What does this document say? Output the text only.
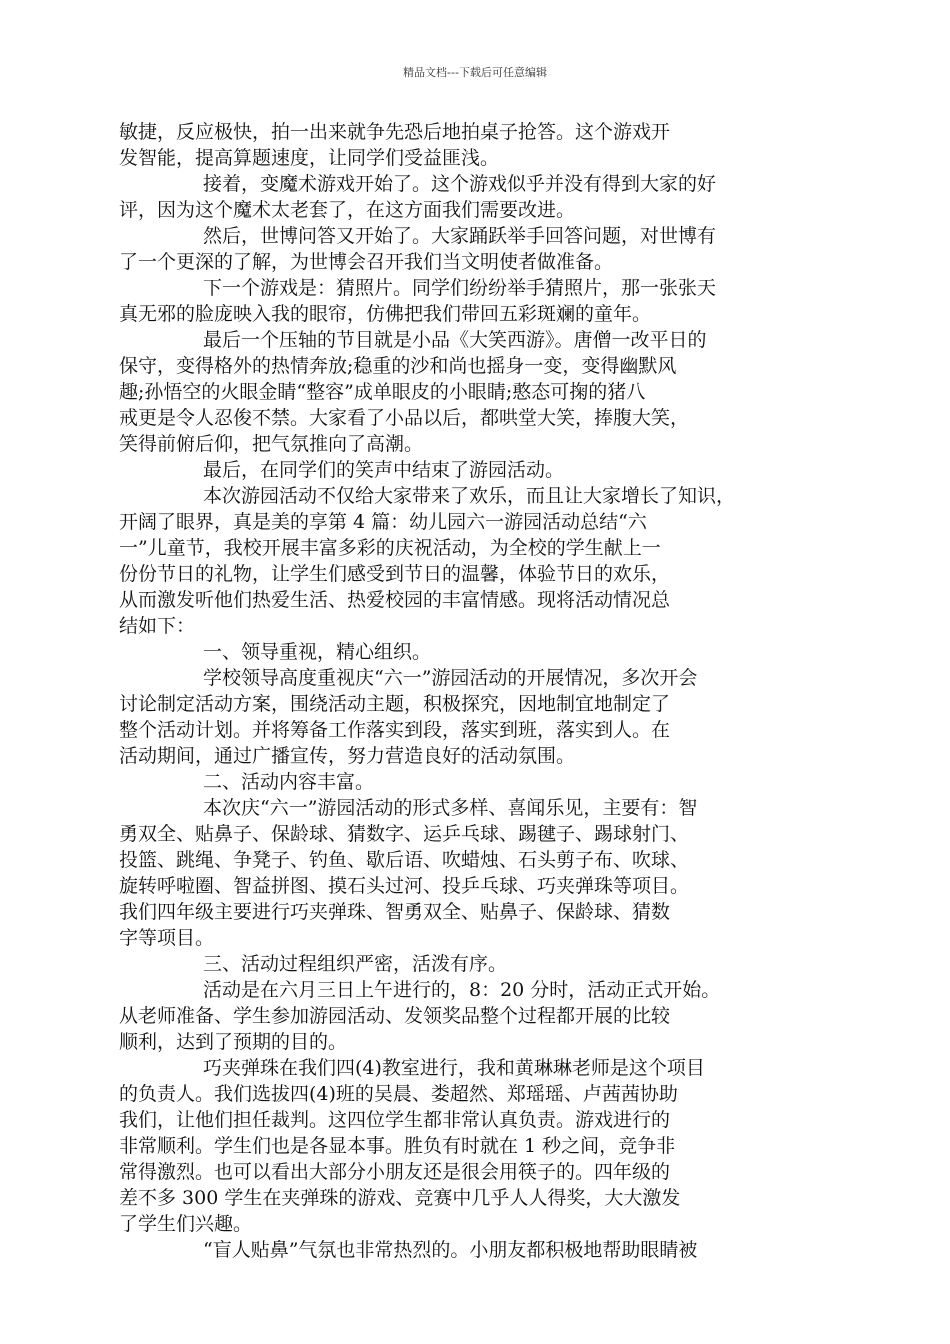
精品文档---下载后可任意编辑
敏捷，反应极快，拍一出来就争先恐后地拍桌子抢答。这个游戏开
发智能，提高算题速度，让同学们受益匪浅。
接着，变魔术游戏开始了。这个游戏似乎并没有得到大家的好
评，因为这个魔术太老套了，在这方面我们需要改进。
然后，世博问答又开始了。大家踊跃举手回答问题，对世博有
了一个更深的了解，为世博会召开我们当文明使者做准备。
下一个游戏是：猜照片。同学们纷纷举手猜照片，那一张张天
真无邪的脸庞映入我的眼帘，仿佛把我们带回五彩斑斓的童年。
最后一个压轴的节目就是小品《大笑西游》。唐僧一改平日的
保守，变得格外的热情奔放;稳重的沙和尚也摇身一变，变得幽默风
趣;孙悟空的火眼金睛“整容”成单眼皮的小眼睛;憨态可掬的猪八
戒更是令人忍俊不禁。大家看了小品以后，都哄堂大笑，捧腹大笑，
笑得前俯后仰，把气氛推向了高潮。
最后，在同学们的笑声中结束了游园活动。
本次游园活动不仅给大家带来了欢乐，而且让大家增长了知识，
开阔了眼界，真是美的享第 4 篇：幼儿园六一游园活动总结“六
一”儿童节，我校开展丰富多彩的庆祝活动，为全校的学生献上一
份份节日的礼物，让学生们感受到节日的温馨，体验节日的欢乐，
从而激发听他们热爱生活、热爱校园的丰富情感。现将活动情况总
结如下：
一、领导重视，精心组织。
学校领导高度重视庆“六一”游园活动的开展情况，多次开会
讨论制定活动方案，围绕活动主题，积极探究，因地制宜地制定了
整个活动计划。并将筹备工作落实到段，落实到班，落实到人。在
活动期间，通过广播宣传，努力营造良好的活动氛围。
二、活动内容丰富。
本次庆“六一”游园活动的形式多样、喜闻乐见，主要有：智
勇双全、贴鼻子、保龄球、猜数字、运乒乓球、踢毽子、踢球射门、
投篮、跳绳、争凳子、钓鱼、歇后语、吹蜡烛、石头剪子布、吹球、
旋转呼啦圈、智益拼图、摸石头过河、投乒乓球、巧夹弹珠等项目。
我们四年级主要进行巧夹弹珠、智勇双全、贴鼻子、保龄球、猜数
字等项目。
三、活动过程组织严密，活泼有序。
活动是在六月三日上午进行的，8：20 分时，活动正式开始。
从老师准备、学生参加游园活动、发领奖品整个过程都开展的比较
顺利，达到了预期的目的。
巧夹弹珠在我们四(4)教室进行，我和黄琳琳老师是这个项目
的负责人。我们选拔四(4)班的吴晨、娄超然、郑瑶瑶、卢茜茜协助
我们，让他们担任裁判。这四位学生都非常认真负责。游戏进行的
非常顺利。学生们也是各显本事。胜负有时就在 1 秒之间，竞争非
常得激烈。也可以看出大部分小朋友还是很会用筷子的。四年级的
差不多 300 学生在夹弹珠的游戏、竞赛中几乎人人得奖，大大激发
了学生们兴趣。
“盲人贴鼻”气氛也非常热烈的。小朋友都积极地帮助眼睛被
